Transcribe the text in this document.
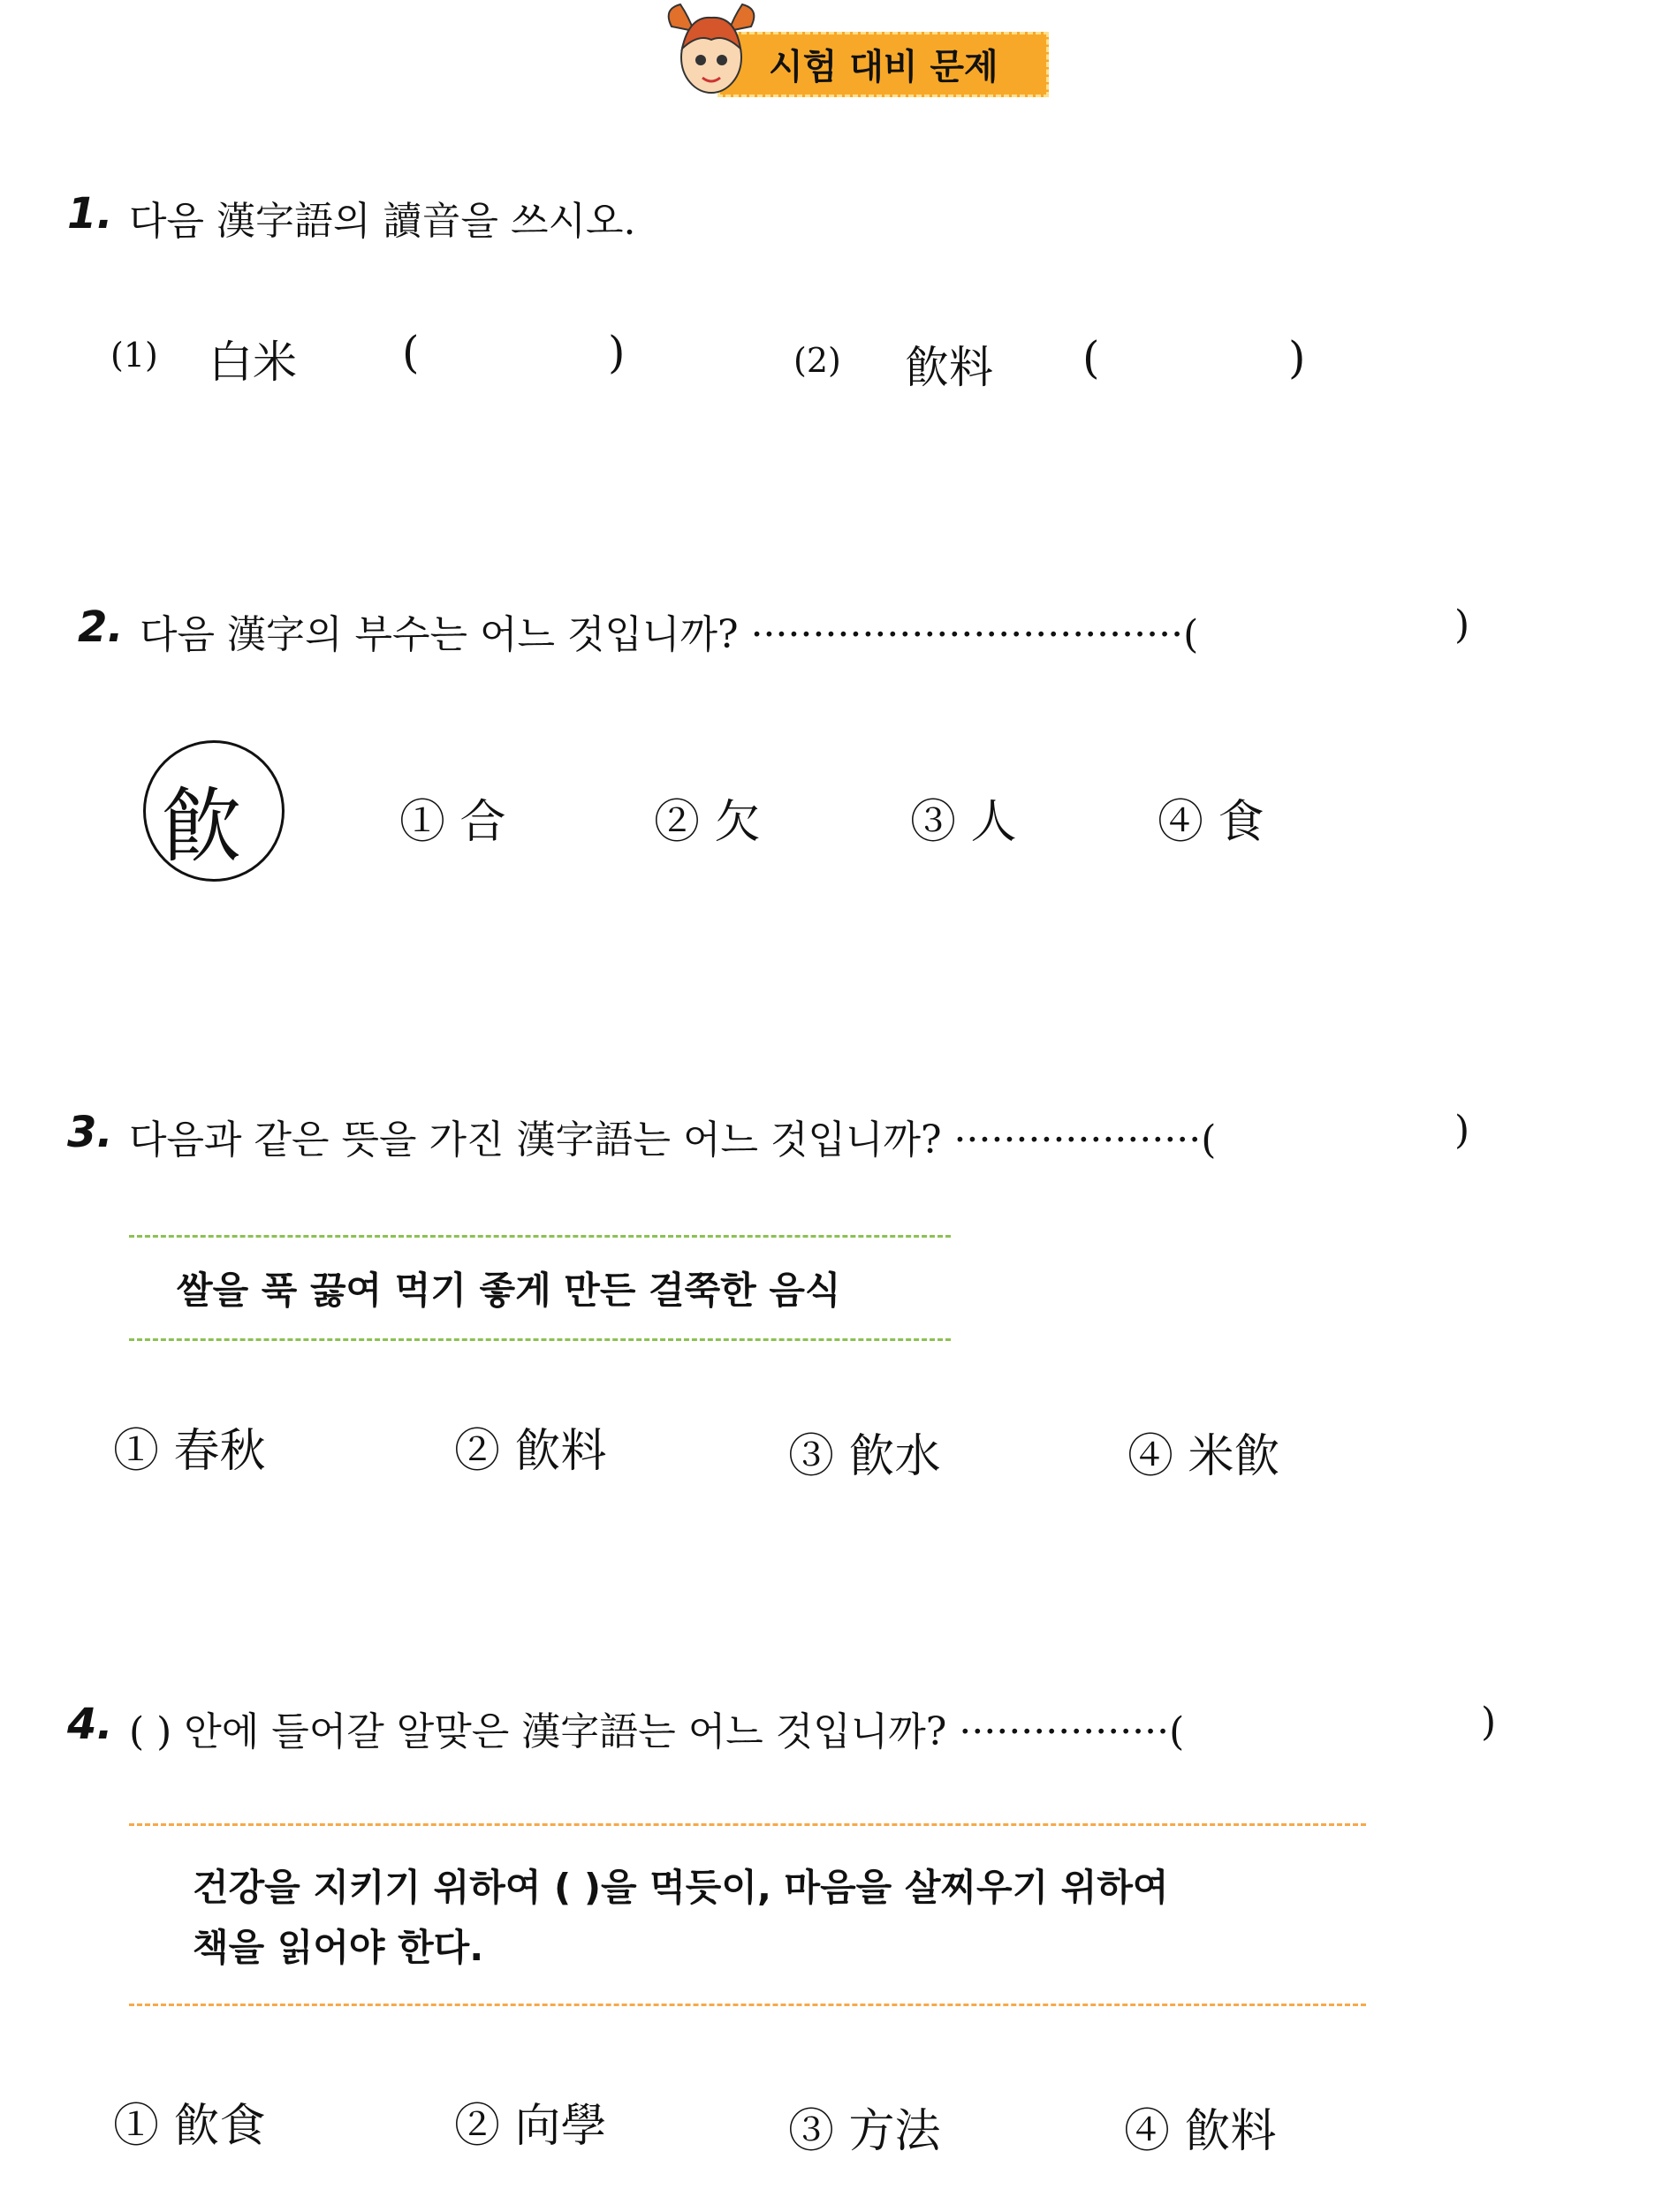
시험 대비 문제
1. 다음 漢字語의 讀音을 쓰시오.
(1) 白米 (	)	(2) 飮料 (	)
2. 다음 漢字의 부수는 어느 것입니까? ···································(	)
飮	① 合	② 欠	③ 人	④ 食
3. 다음과 같은 뜻을 가진 漢字語는 어느 것입니까? ····················(	)
쌀을 푹 끓여 먹기 좋게 만든 걸쭉한 음식
① 春秋	② 飮料	③ 飮水	④ 米飮
4. ( ) 안에 들어갈 알맞은 漢字語는 어느 것입니까? ·················(	)
건강을 지키기 위하여 ( )을 먹듯이, 마음을 살찌우기 위하여
책을 읽어야 한다.
① 飮食	② 向學	③ 方法	④ 飮料
